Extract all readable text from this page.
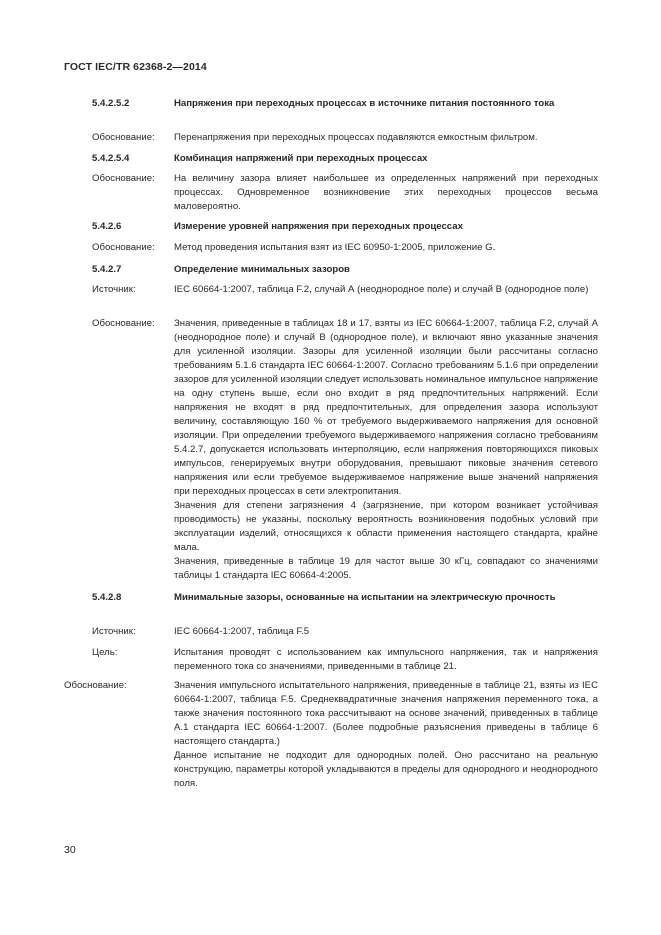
ГОСТ IEC/TR 62368-2—2014
5.4.2.5.2	Напряжения при переходных процессах в источнике питания постоянного тока

Обоснование: Перенапряжения при переходных процессах подавляются емкостным фильтром.

5.4.2.5.4	Комбинация напряжений при переходных процессах

Обоснование: На величину зазора влияет наибольшее из определенных напряжений при переходных процессах. Одновременное возникновение этих переходных процессов весьма маловероятно.

5.4.2.6	Измерение уровней напряжения при переходных процессах

Обоснование: Метод проведения испытания взят из IEC 60950-1:2005, приложение G.

5.4.2.7	Определение минимальных зазоров

Источник:	IEC 60664-1:2007, таблица F.2, случай А (неоднородное поле) и случай В (однородное поле)

Обоснование: Значения, приведенные в таблицах 18 и 17, взяты из IEC 60664-1:2007, таблица F.2, случай А (неоднородное поле) и случай В (однородное поле), и включают явно указанные значения для усиленной изоляции. Зазоры для усиленной изоляции были рассчитаны согласно требованиям 5.1.6 стандарта IEC 60664-1:2007. Согласно требованиям 5.1.6 при определении зазоров для усиленной изоляции следует использовать номинальное импульсное напряжение на одну ступень выше, если оно входит в ряд предпочтительных напряжений. Если напряжения не входят в ряд предпочтительных, для определения зазора используют величину, составляющую 160 % от требуемого выдерживаемого напряжения для основной изоляции. При определении требуемого выдерживаемого напряжения согласно требованиям 5.4.2.7, допускается использовать интерполяцию, если напряжения повторяющихся пиковых импульсов, генерируемых внутри оборудования, превышают пиковые значения сетевого напряжения или если требуемое выдерживаемое напряжение выше значений напряжения при переходных процессах в сети электропитания.

Значения для степени загрязнения 4 (загрязнение, при котором возникает устойчивая проводимость) не указаны, поскольку вероятность возникновения подобных условий при эксплуатации изделий, относящихся к области применения настоящего стандарта, крайне мала.

Значения, приведенные в таблице 19 для частот выше 30 кГц, совпадают со значениями таблицы 1 стандарта IEC 60664-4:2005.

5.4.2.8	Минимальные зазоры, основанные на испытании на электрическую прочность

Источник:	IEC 60664-1:2007, таблица F.5

Цель:	Испытания проводят с использованием как импульсного напряжения, так и напряжения переменного тока со значениями, приведенными в таблице 21.

Обоснование:	Значения импульсного испытательного напряжения, приведенные в таблице 21, взяты из IEC 60664-1:2007, таблица F.5. Среднеквадратичные значения напряжения переменного тока, а также значения постоянного тока рассчитывают на основе значений, приведенных в таблице А.1 стандарта IEC 60664-1:2007. (Более подробные разъяснения приведены в таблице 6 настоящего стандарта.)

Данное испытание не подходит для однородных полей. Оно рассчитано на реальную конструкцию, параметры которой укладываются в пределы для однородного и неоднородного поля.

30
